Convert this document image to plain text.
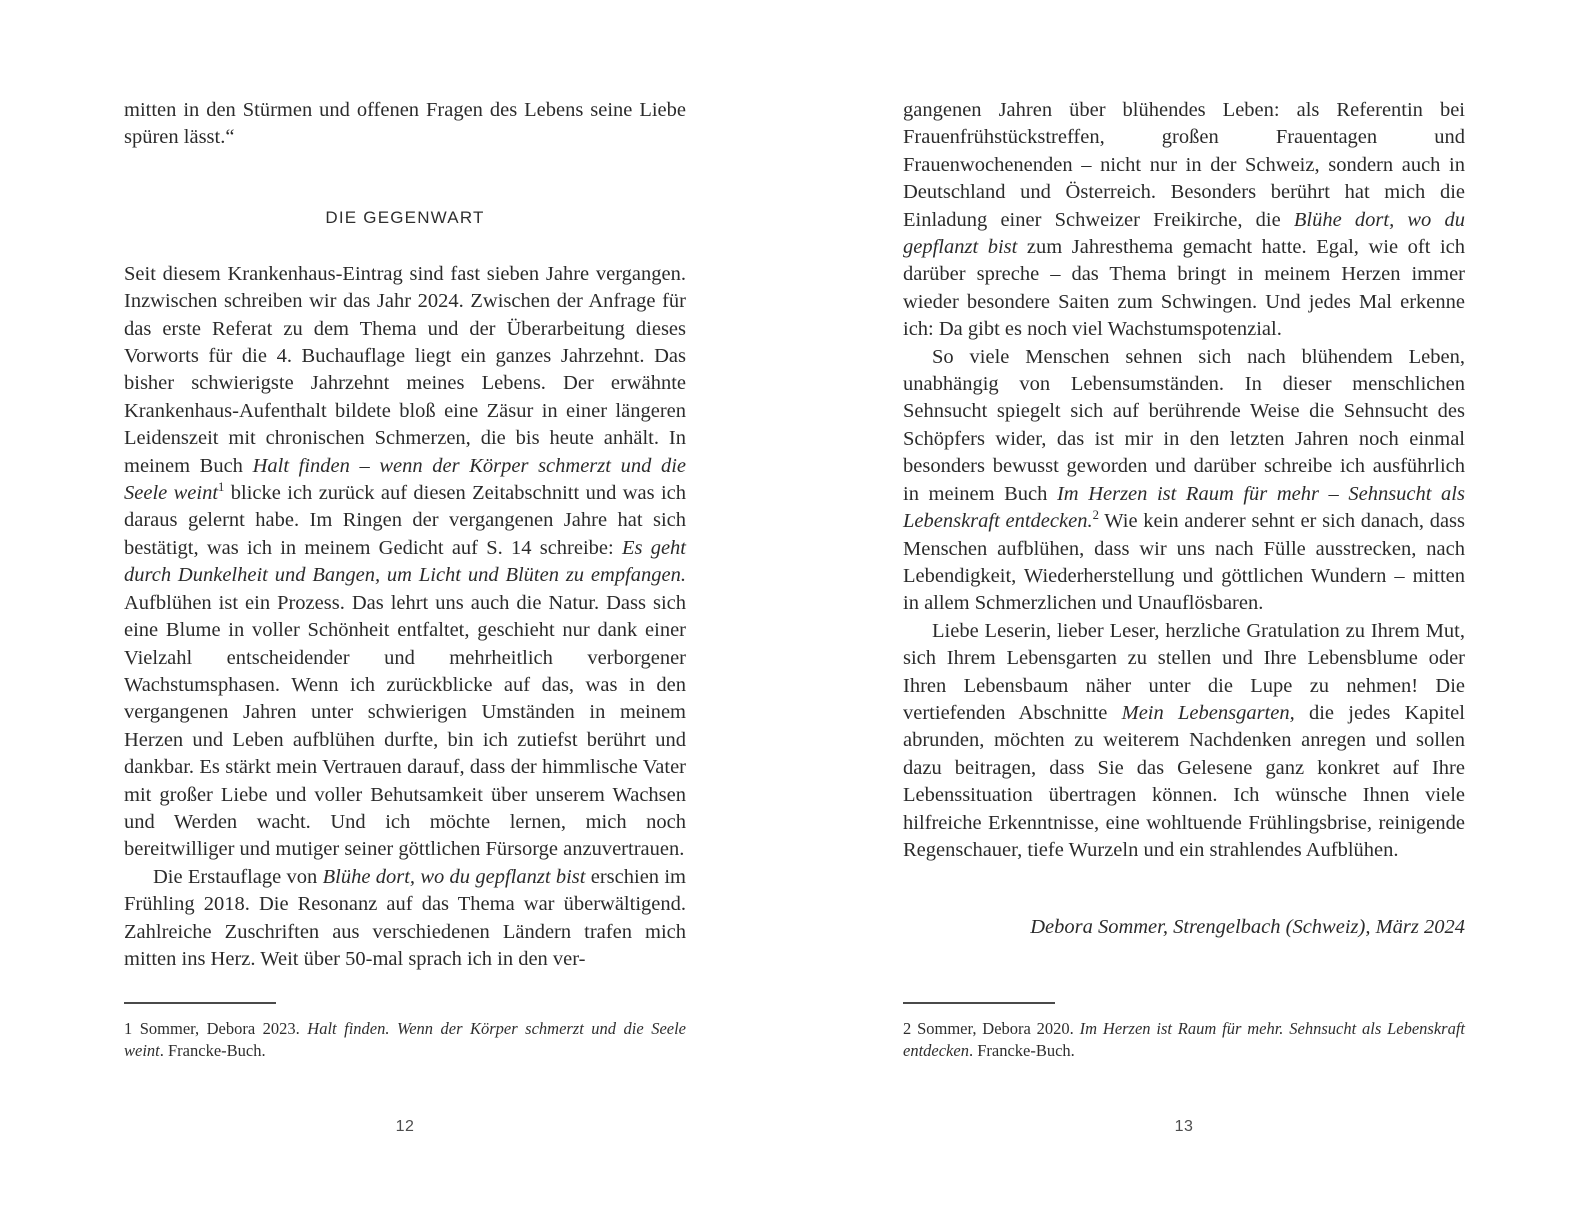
mitten in den Stürmen und offenen Fragen des Lebens seine Liebe spüren lässt.“

DIE GEGENWART

Seit diesem Krankenhaus-Eintrag sind fast sieben Jahre vergangen. Inzwischen schreiben wir das Jahr 2024. Zwischen der Anfrage für das erste Referat zu dem Thema und der Überarbeitung dieses Vorworts für die 4. Buchauflage liegt ein ganzes Jahrzehnt. Das bisher schwierigste Jahrzehnt meines Lebens. Der erwähnte Krankenhaus-Aufenthalt bildete bloß eine Zäsur in einer längeren Leidenszeit mit chronischen Schmerzen, die bis heute anhält. In meinem Buch Halt finden – wenn der Körper schmerzt und die Seele weint$^1$ blicke ich zurück auf diesen Zeitabschnitt und was ich daraus gelernt habe. Im Ringen der vergangenen Jahre hat sich bestätigt, was ich in meinem Gedicht auf S. 14 schreibe: Es geht durch Dunkelheit und Bangen, um Licht und Blüten zu empfangen. Aufblühen ist ein Prozess. Das lehrt uns auch die Natur. Dass sich eine Blume in voller Schönheit entfaltet, geschieht nur dank einer Vielzahl entscheidender und mehrheitlich verborgener Wachstumsphasen. Wenn ich zurückblicke auf das, was in den vergangenen Jahren unter schwierigen Umständen in meinem Herzen und Leben aufblühen durfte, bin ich zutiefst berührt und dankbar. Es stärkt mein Vertrauen darauf, dass der himmlische Vater mit großer Liebe und voller Behutsamkeit über unserem Wachsen und Werden wacht. Und ich möchte lernen, mich noch bereitwilliger und mutiger seiner göttlichen Fürsorge anzuvertrauen.

Die Erstauflage von Blühe dort, wo du gepflanzt bist erschien im Frühling 2018. Die Resonanz auf das Thema war überwältigend. Zahlreiche Zuschriften aus verschiedenen Ländern trafen mich mitten ins Herz. Weit über 50-mal sprach ich in den ver-

1 Sommer, Debora 2023. Halt finden. Wenn der Körper schmerzt und die Seele weint. Francke-Buch.
12

gangenen Jahren über blühendes Leben: als Referentin bei Frauenfrühstückstreffen, großen Frauentagen und Frauenwochenenden – nicht nur in der Schweiz, sondern auch in Deutschland und Österreich. Besonders berührt hat mich die Einladung einer Schweizer Freikirche, die Blühe dort, wo du gepflanzt bist zum Jahresthema gemacht hatte. Egal, wie oft ich darüber spreche – das Thema bringt in meinem Herzen immer wieder besondere Saiten zum Schwingen. Und jedes Mal erkenne ich: Da gibt es noch viel Wachstumspotenzial.

So viele Menschen sehnen sich nach blühendem Leben, unabhängig von Lebensumständen. In dieser menschlichen Sehnsucht spiegelt sich auf berührende Weise die Sehnsucht des Schöpfers wider, das ist mir in den letzten Jahren noch einmal besonders bewusst geworden und darüber schreibe ich ausführlich in meinem Buch Im Herzen ist Raum für mehr – Sehnsucht als Lebenskraft entdecken.$^2$ Wie kein anderer sehnt er sich danach, dass Menschen aufblühen, dass wir uns nach Fülle ausstrecken, nach Lebendigkeit, Wiederherstellung und göttlichen Wundern – mitten in allem Schmerzlichen und Unauflösbaren.

Liebe Leserin, lieber Leser, herzliche Gratulation zu Ihrem Mut, sich Ihrem Lebensgarten zu stellen und Ihre Lebensblume oder Ihren Lebensbaum näher unter die Lupe zu nehmen! Die vertiefenden Abschnitte Mein Lebensgarten, die jedes Kapitel abrunden, möchten zu weiterem Nachdenken anregen und sollen dazu beitragen, dass Sie das Gelesene ganz konkret auf Ihre Lebenssituation übertragen können. Ich wünsche Ihnen viele hilfreiche Erkenntnisse, eine wohltuende Frühlingsbrise, reinigende Regenschauer, tiefe Wurzeln und ein strahlendes Aufblühen.

Debora Sommer, Strengelbach (Schweiz), März 2024

2 Sommer, Debora 2020. Im Herzen ist Raum für mehr. Sehnsucht als Lebenskraft entdecken. Francke-Buch.
13
